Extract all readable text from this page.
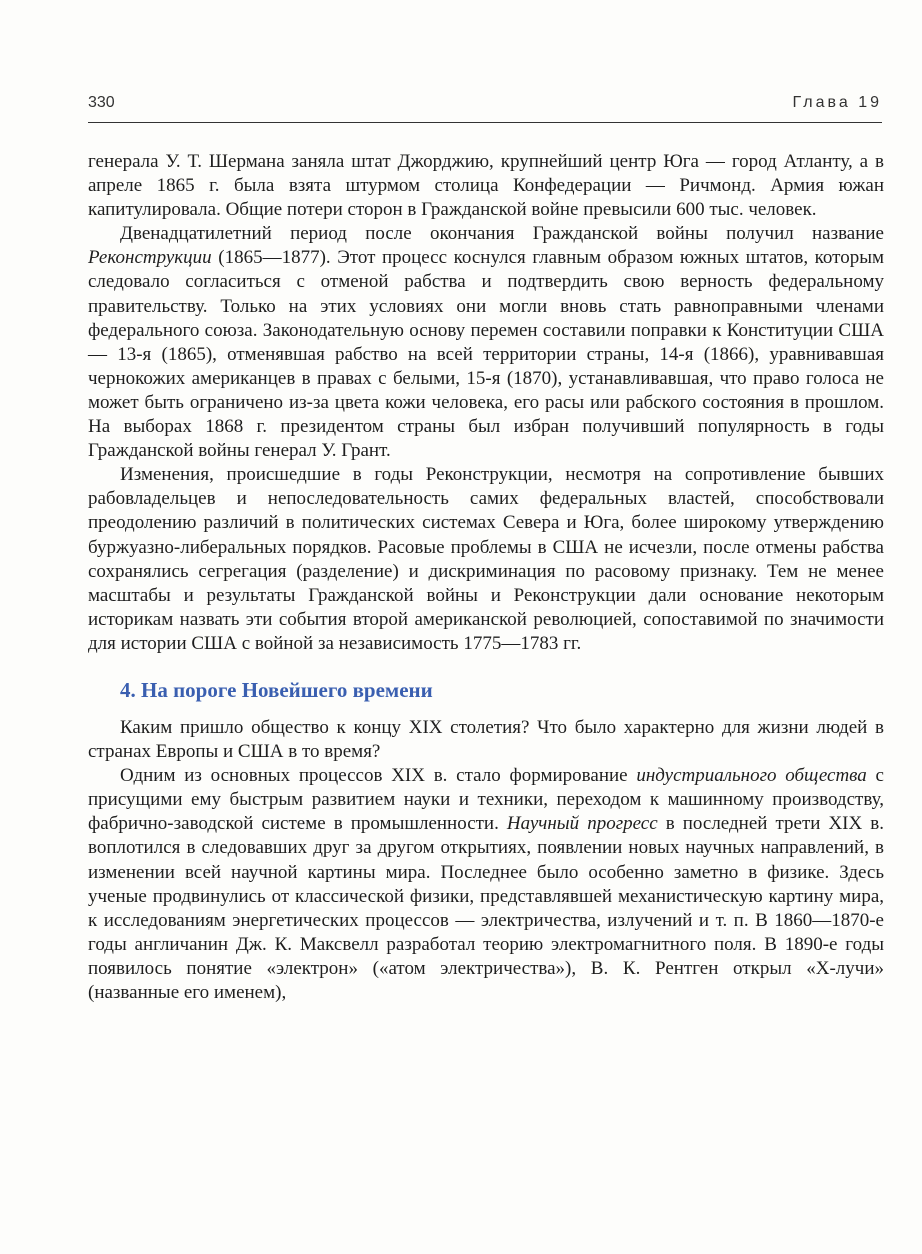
330	Глава 19

генерала У. Т. Шермана заняла штат Джорджию, крупнейший центр Юга — город Атланту, а в апреле 1865 г. была взята штурмом столица Конфедерации — Ричмонд. Армия южан капитулировала. Общие потери сторон в Гражданской войне превысили 600 тыс. человек.

Двенадцатилетний период после окончания Гражданской войны получил название Реконструкции (1865—1877). Этот процесс коснулся главным образом южных штатов, которым следовало согласиться с отменой рабства и подтвердить свою верность федеральному правительству. Только на этих условиях они могли вновь стать равноправными членами федерального союза. Законодательную основу перемен составили поправки к Конституции США — 13-я (1865), отменявшая рабство на всей территории страны, 14-я (1866), уравнивавшая чернокожих американцев в правах с белыми, 15-я (1870), устанавливавшая, что право голоса не может быть ограничено из-за цвета кожи человека, его расы или рабского состояния в прошлом. На выборах 1868 г. президентом страны был избран получивший популярность в годы Гражданской войны генерал У. Грант.

Изменения, происшедшие в годы Реконструкции, несмотря на сопротивление бывших рабовладельцев и непоследовательность самих федеральных властей, способствовали преодолению различий в политических системах Севера и Юга, более широкому утверждению буржуазно-либеральных порядков. Расовые проблемы в США не исчезли, после отмены рабства сохранялись сегрегация (разделение) и дискриминация по расовому признаку. Тем не менее масштабы и результаты Гражданской войны и Реконструкции дали основание некоторым историкам назвать эти события второй американской революцией, сопоставимой по значимости для истории США с войной за независимость 1775—1783 гг.

4. На пороге Новейшего времени

Каким пришло общество к концу XIX столетия? Что было характерно для жизни людей в странах Европы и США в то время?

Одним из основных процессов XIX в. стало формирование индустриального общества с присущими ему быстрым развитием науки и техники, переходом к машинному производству, фабрично-заводской системе в промышленности. Научный прогресс в последней трети XIX в. воплотился в следовавших друг за другом открытиях, появлении новых научных направлений, в изменении всей научной картины мира. Последнее было особенно заметно в физике. Здесь ученые продвинулись от классической физики, представлявшей механистическую картину мира, к исследованиям энергетических процессов — электричества, излучений и т. п. В 1860—1870-е годы англичанин Дж. К. Максвелл разработал теорию электромагнитного поля. В 1890-е годы появилось понятие «электрон» («атом электричества»), В. К. Рентген открыл «X-лучи» (названные его именем),
